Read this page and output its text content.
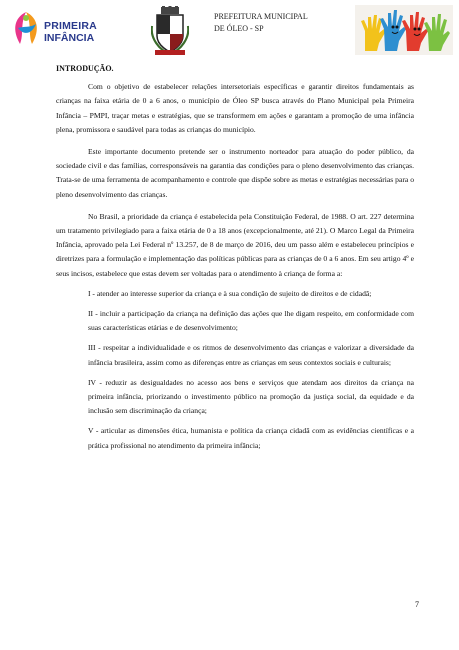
PRIMEIRA
INFÂNCIA
PREFEITURA MUNICIPAL
DE ÓLEO - SP
INTRODUÇÃO.

Com o objetivo de estabelecer relações intersetoriais específicas e garantir direitos fundamentais as crianças na faixa etária de 0 a 6 anos, o município de Óleo SP busca através do Plano Municipal pela Primeira Infância – PMPI, traçar metas e estratégias, que se transformem em ações e garantam a promoção de uma infância plena, promissora e saudável para todas as crianças do município.

Este importante documento pretende ser o instrumento norteador para atuação do poder público, da sociedade civil e das famílias, corresponsáveis na garantia das condições para o pleno desenvolvimento das crianças. Trata-se de uma ferramenta de acompanhamento e controle que dispõe sobre as metas e estratégias necessárias para o pleno desenvolvimento das crianças.

No Brasil, a prioridade da criança é estabelecida pela Constituição Federal, de 1988. O art. 227 determina um tratamento privilegiado para a faixa etária de 0 a 18 anos (excepcionalmente, até 21). O Marco Legal da Primeira Infância, aprovado pela Lei Federal nº 13.257, de 8 de março de 2016, deu um passo além e estabeleceu princípios e diretrizes para a formulação e implementação das políticas públicas para as crianças de 0 a 6 anos. Em seu artigo 4º e seus incisos, estabelece que estas devem ser voltadas para o atendimento à criança de forma a:

I - atender ao interesse superior da criança e à sua condição de sujeito de direitos e de cidadã;

II - incluir a participação da criança na definição das ações que lhe digam respeito, em conformidade com suas características etárias e de desenvolvimento;

III - respeitar a individualidade e os ritmos de desenvolvimento das crianças e valorizar a diversidade da infância brasileira, assim como as diferenças entre as crianças em seus contextos sociais e culturais;

IV - reduzir as desigualdades no acesso aos bens e serviços que atendam aos direitos da criança na primeira infância, priorizando o investimento público na promoção da justiça social, da equidade e da inclusão sem discriminação da criança;

V - articular as dimensões ética, humanista e política da criança cidadã com as evidências científicas e a prática profissional no atendimento da primeira infância;

7
